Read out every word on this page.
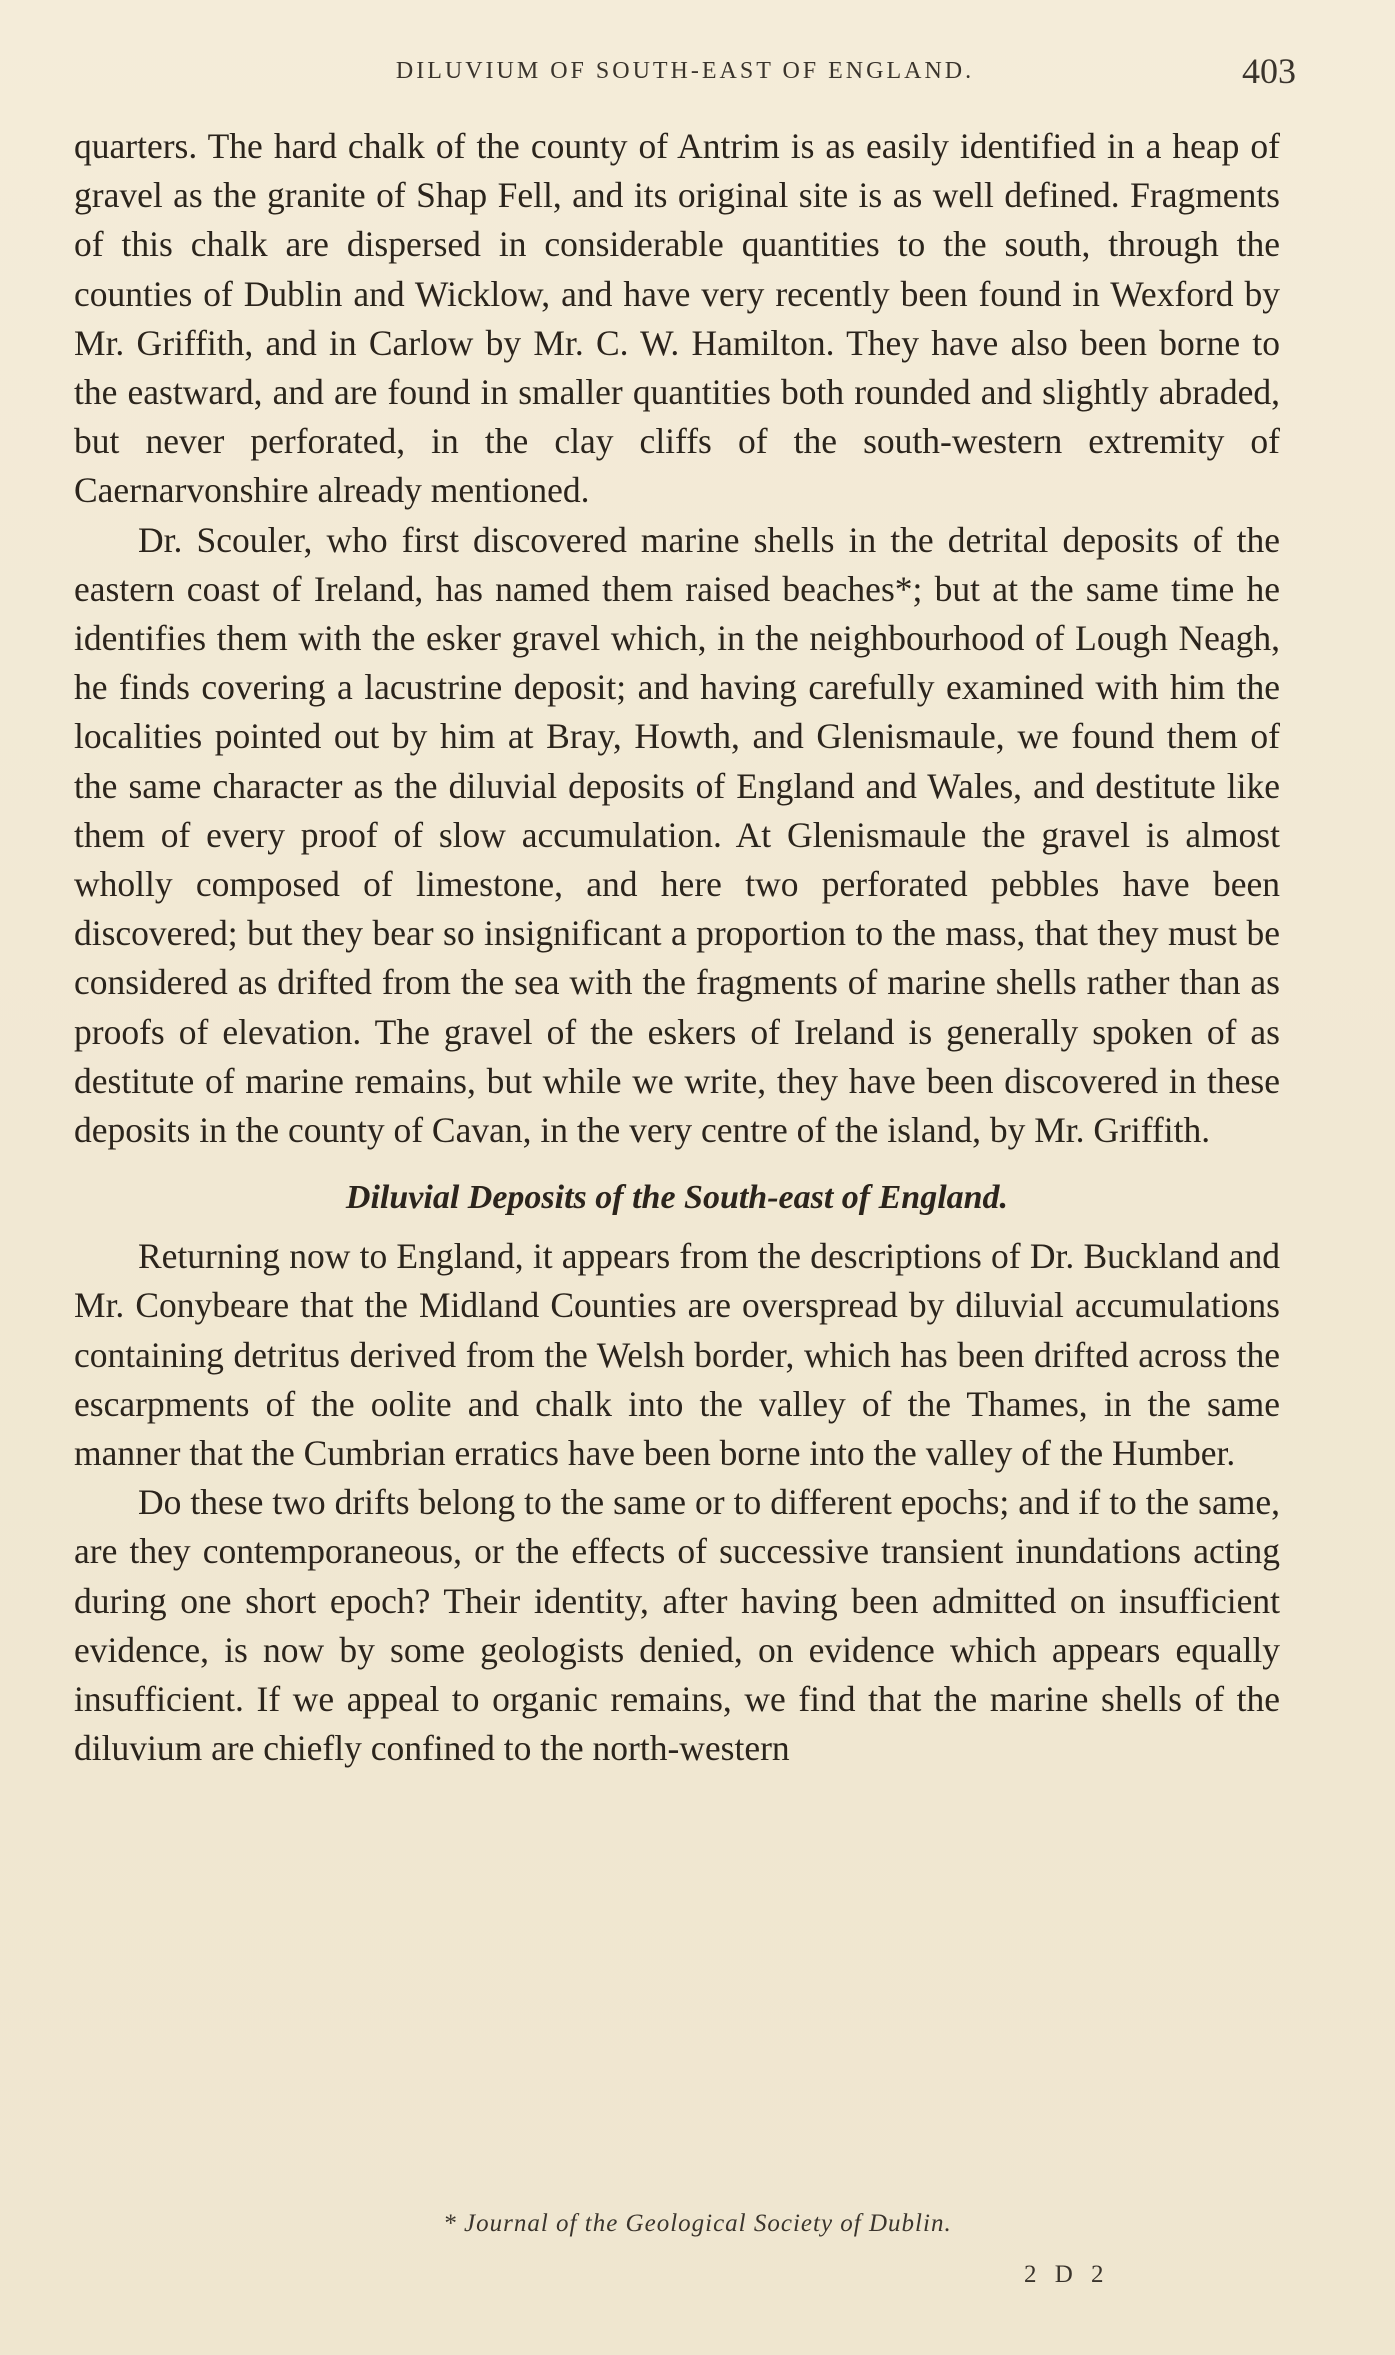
DILUVIUM OF SOUTH-EAST OF ENGLAND.	403

quarters. The hard chalk of the county of Antrim is as easily identified in a heap of gravel as the granite of Shap Fell, and its original site is as well defined. Fragments of this chalk are dispersed in considerable quantities to the south, through the counties of Dublin and Wicklow, and have very recently been found in Wexford by Mr. Griffith, and in Carlow by Mr. C. W. Hamilton. They have also been borne to the eastward, and are found in smaller quantities both rounded and slightly abraded, but never perforated, in the clay cliffs of the south-western extremity of Caernarvonshire already mentioned.

Dr. Scouler, who first discovered marine shells in the detrital deposits of the eastern coast of Ireland, has named them raised beaches*; but at the same time he identifies them with the esker gravel which, in the neighbourhood of Lough Neagh, he finds covering a lacustrine deposit; and having carefully examined with him the localities pointed out by him at Bray, Howth, and Glenismaule, we found them of the same character as the diluvial deposits of England and Wales, and destitute like them of every proof of slow accumulation. At Glenismaule the gravel is almost wholly composed of limestone, and here two perforated pebbles have been discovered; but they bear so insignificant a proportion to the mass, that they must be considered as drifted from the sea with the fragments of marine shells rather than as proofs of elevation. The gravel of the eskers of Ireland is generally spoken of as destitute of marine remains, but while we write, they have been discovered in these deposits in the county of Cavan, in the very centre of the island, by Mr. Griffith.

Diluvial Deposits of the South-east of England.

Returning now to England, it appears from the descriptions of Dr. Buckland and Mr. Conybeare that the Midland Counties are overspread by diluvial accumulations containing detritus derived from the Welsh border, which has been drifted across the escarpments of the oolite and chalk into the valley of the Thames, in the same manner that the Cumbrian erratics have been borne into the valley of the Humber.

Do these two drifts belong to the same or to different epochs; and if to the same, are they contemporaneous, or the effects of successive transient inundations acting during one short epoch? Their identity, after having been admitted on insufficient evidence, is now by some geologists denied, on evidence which appears equally insufficient. If we appeal to organic remains, we find that the marine shells of the diluvium are chiefly confined to the north-western

* Journal of the Geological Society of Dublin.
2 D 2
